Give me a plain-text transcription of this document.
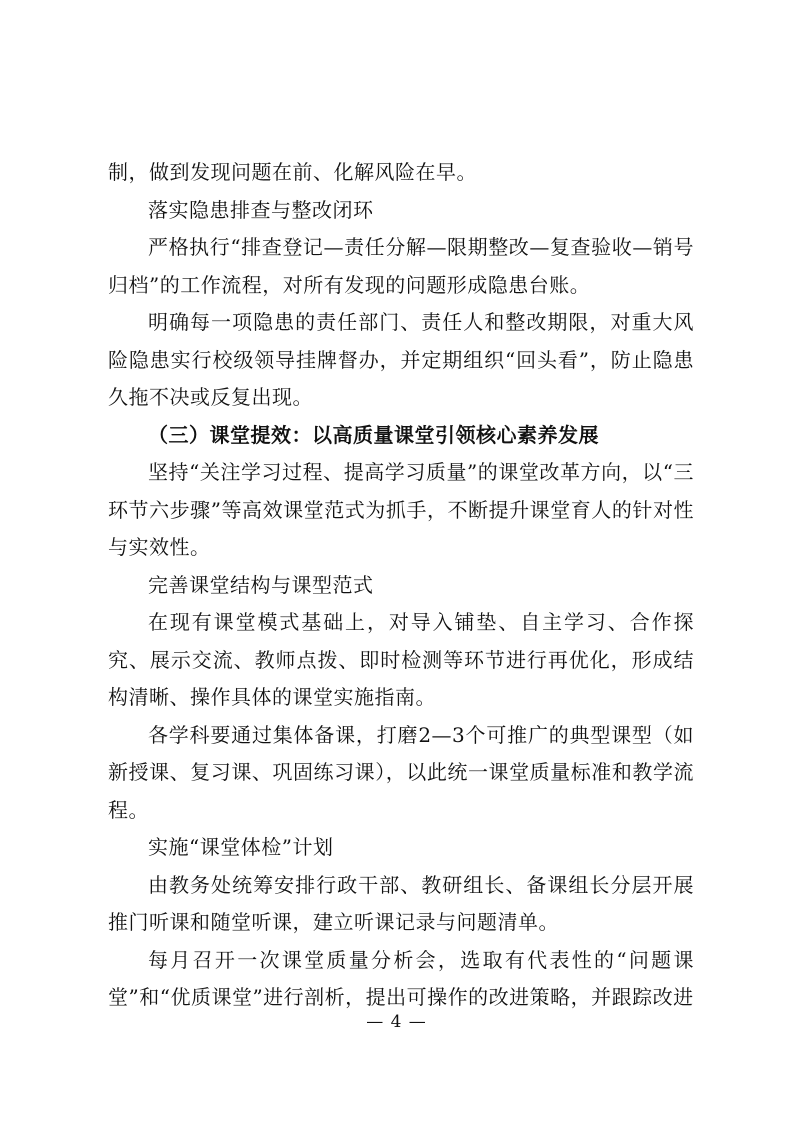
制，做到发现问题在前、化解风险在早。

落实隐患排查与整改闭环

严格执行“排查登记—责任分解—限期整改—复查验收—销号归档”的工作流程，对所有发现的问题形成隐患台账。

明确每一项隐患的责任部门、责任人和整改期限，对重大风险隐患实行校级领导挂牌督办，并定期组织“回头看”，防止隐患久拖不决或反复出现。

（三）课堂提效：以高质量课堂引领核心素养发展

坚持“关注学习过程、提高学习质量”的课堂改革方向，以“三环节六步骤”等高效课堂范式为抓手，不断提升课堂育人的针对性与实效性。

完善课堂结构与课型范式

在现有课堂模式基础上，对导入铺垫、自主学习、合作探究、展示交流、教师点拨、即时检测等环节进行再优化，形成结构清晰、操作具体的课堂实施指南。

各学科要通过集体备课，打磨2—3个可推广的典型课型（如新授课、复习课、巩固练习课），以此统一课堂质量标准和教学流程。

实施“课堂体检”计划

由教务处统筹安排行政干部、教研组长、备课组长分层开展推门听课和随堂听课，建立听课记录与问题清单。

每月召开一次课堂质量分析会，选取有代表性的“问题课堂”和“优质课堂”进行剖析，提出可操作的改进策略，并跟踪改进

— 4 —
